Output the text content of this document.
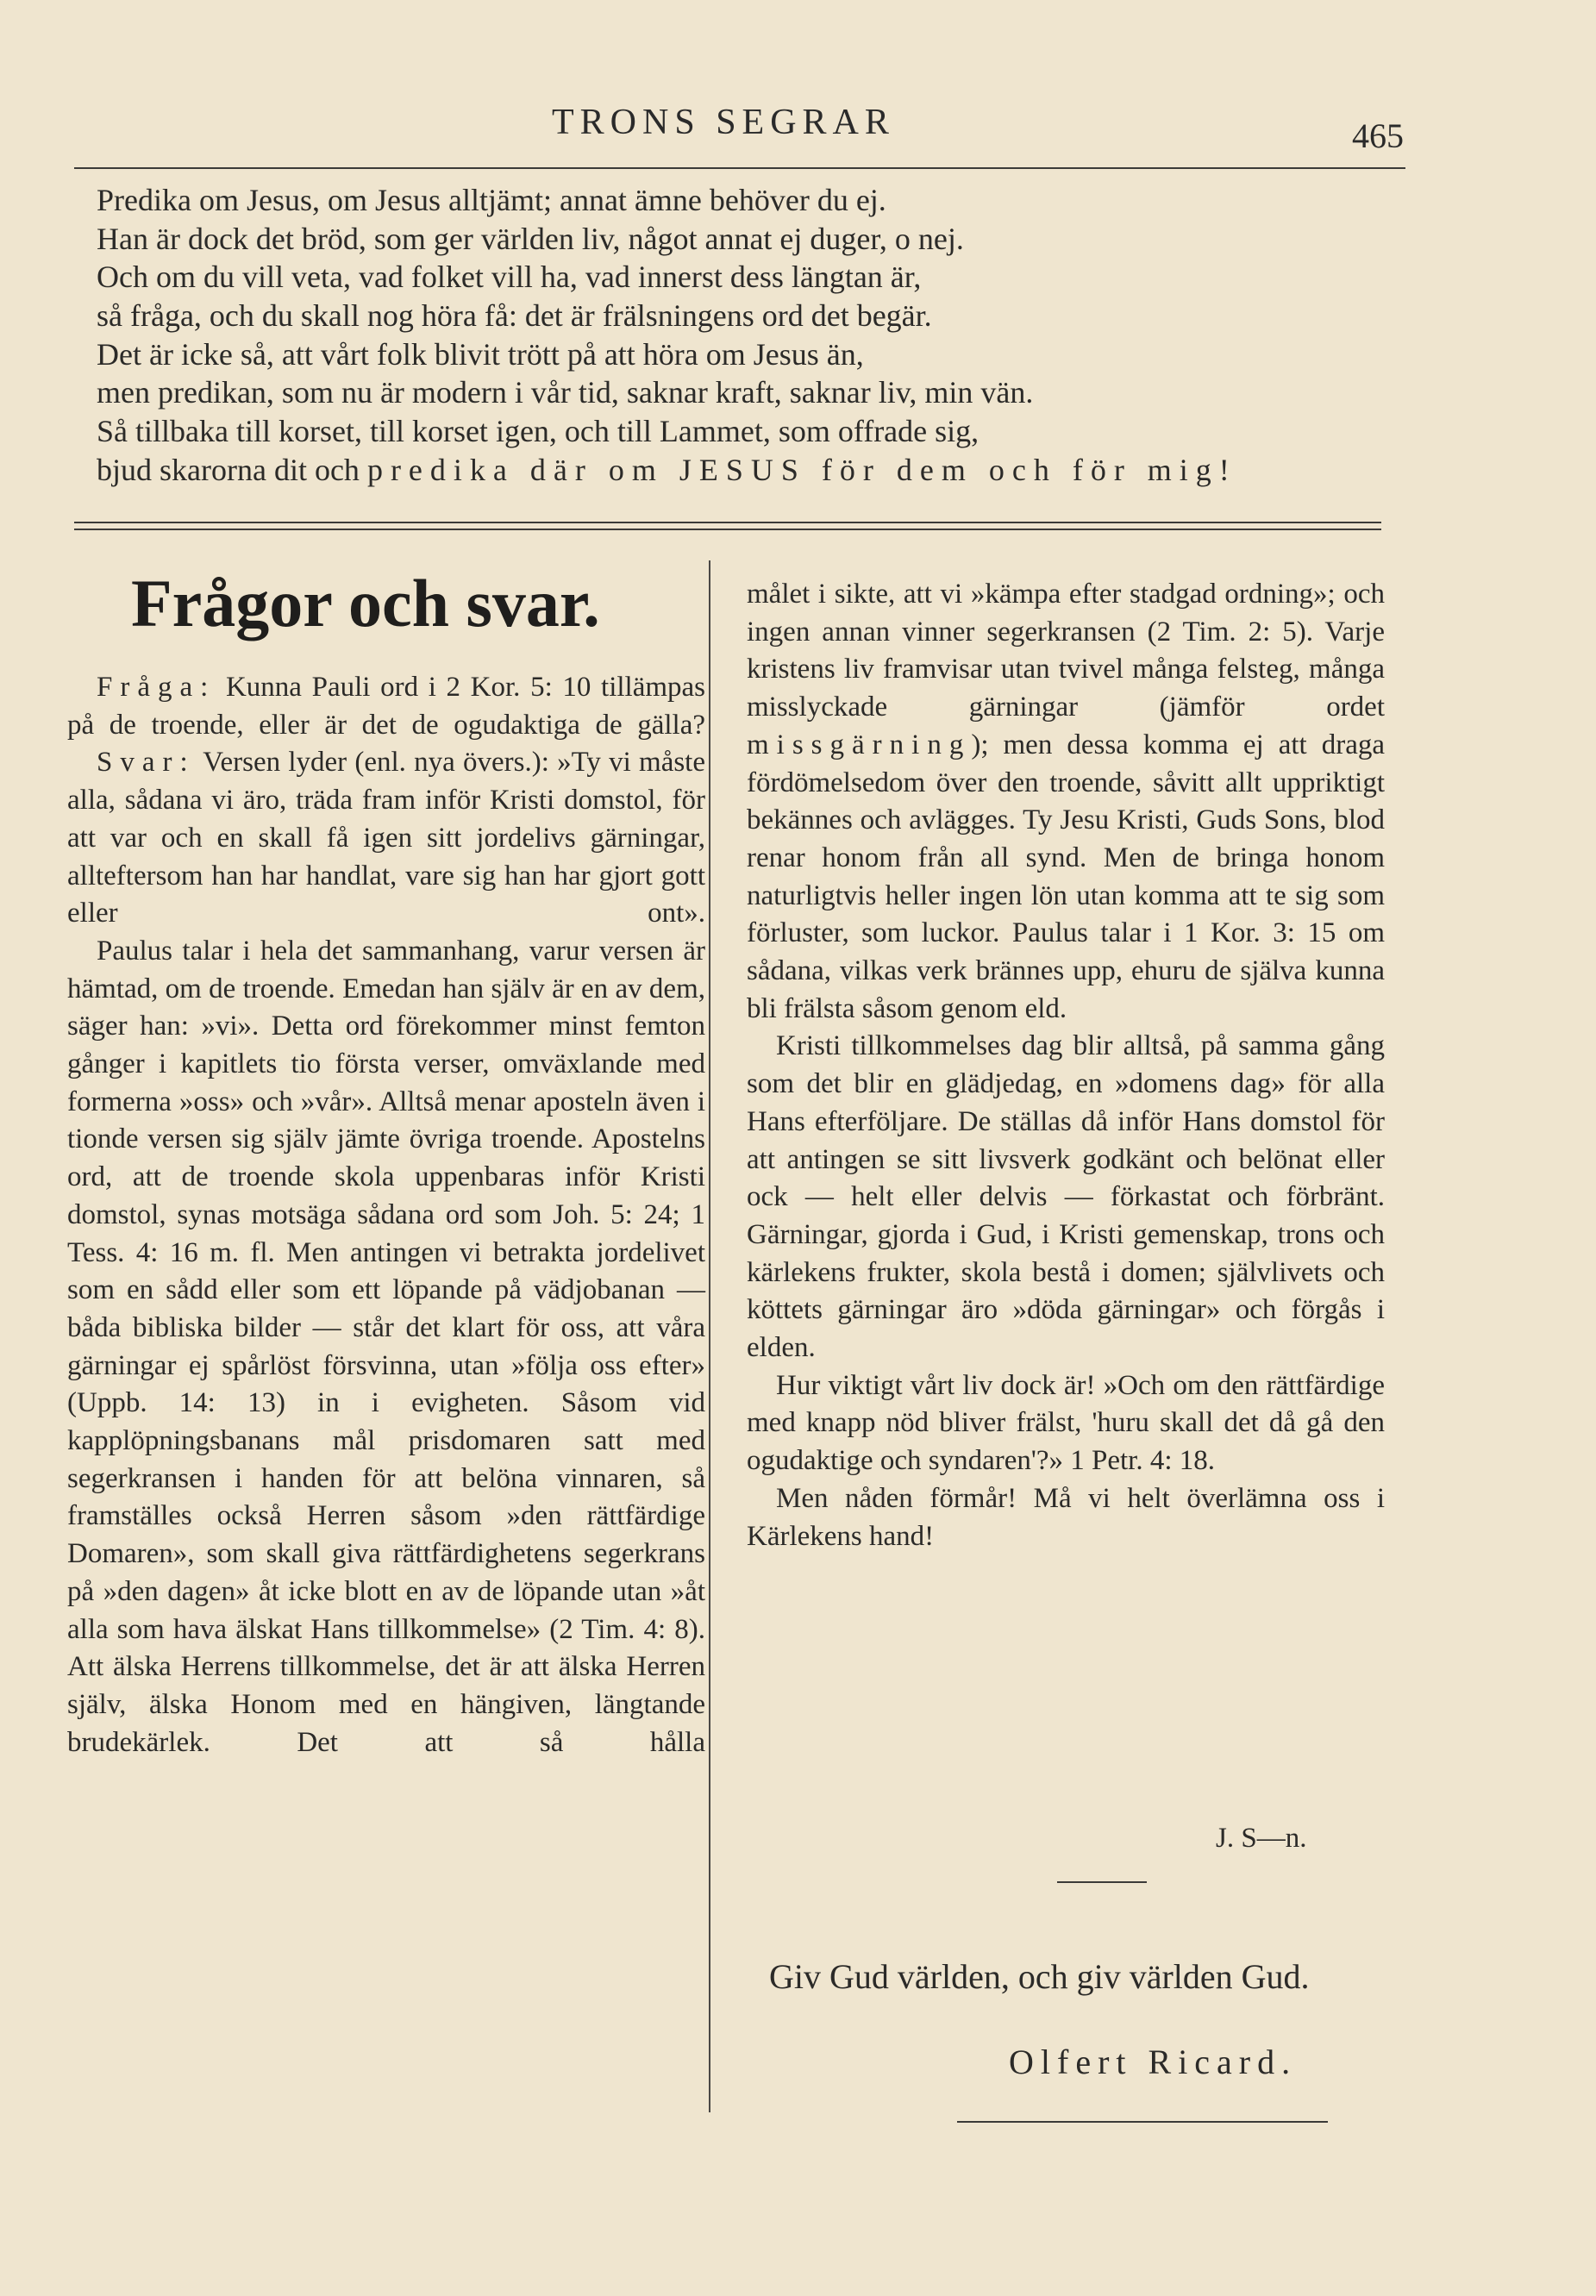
TRONS SEGRAR	465
Predika om Jesus, om Jesus alltjämt; annat ämne behöver du ej.
Han är dock det bröd, som ger världen liv, något annat ej duger, o nej.
Och om du vill veta, vad folket vill ha, vad innerst dess längtan är,
så fråga, och du skall nog höra få: det är frälsningens ord det begär.
Det är icke så, att vårt folk blivit trött på att höra om Jesus än,
men predikan, som nu är modern i vår tid, saknar kraft, saknar liv, min vän.
Så tillbaka till korset, till korset igen, och till Lammet, som offrade sig,
bjud skarorna dit och predika där om JESUS för dem och för mig!
Frågor och svar.

Fråga: Kunna Pauli ord i 2 Kor. 5: 10 tillämpas på de troende, eller är det de ogudaktiga de gälla?

Svar: Versen lyder (enl. nya övers.): »Ty vi måste alla, sådana vi äro, träda fram inför Kristi domstol, för att var och en skall få igen sitt jordelivs gärningar, allteftersom han har handlat, vare sig han har gjort gott eller ont».

Paulus talar i hela det sammanhang, varur versen är hämtad, om de troende. Emedan han själv är en av dem, säger han: »vi». Detta ord förekommer minst femton gånger i kapitlets tio första verser, omväxlande med formerna »oss» och »vår». Alltså menar aposteln även i tionde versen sig själv jämte övriga troende. Apostelns ord, att de troende skola uppenbaras inför Kristi domstol, synas motsäga sådana ord som Joh. 5: 24; 1 Tess. 4: 16 m. fl. Men antingen vi betrakta jordelivet som en sådd eller som ett löpande på vädjobanan — båda bibliska bilder — står det klart för oss, att våra gärningar ej spårlöst försvinna, utan »följa oss efter» (Uppb. 14: 13) in i evigheten. Såsom vid kapplöpningsbanans mål prisdomaren satt med segerkransen i handen för att belöna vinnaren, så framställes också Herren såsom »den rättfärdige Domaren», som skall giva rättfärdighetens segerkrans på »den dagen» åt icke blott en av de löpande utan »åt alla som hava älskat Hans tillkommelse» (2 Tim. 4: 8). Att älska Herrens tillkommelse, det är att älska Herren själv, älska Honom med en hängiven, längtande brudekärlek. Det att så hålla

målet i sikte, att vi »kämpa efter stadgad ordning»; och ingen annan vinner segerkransen (2 Tim. 2: 5). Varje kristens liv framvisar utan tvivel många felsteg, många misslyckade gärningar (jämför ordet missgärning); men dessa komma ej att draga fördömelsedom över den troende, såvitt allt uppriktigt bekännes och avlägges. Ty Jesu Kristi, Guds Sons, blod renar honom från all synd. Men de bringa honom naturligtvis heller ingen lön utan komma att te sig som förluster, som luckor. Paulus talar i 1 Kor. 3: 15 om sådana, vilkas verk brännes upp, ehuru de själva kunna bli frälsta såsom genom eld.

Kristi tillkommelses dag blir alltså, på samma gång som det blir en glädjedag, en »domens dag» för alla Hans efterföljare. De ställas då inför Hans domstol för att antingen se sitt livsverk godkänt och belönat eller ock — helt eller delvis — förkastat och förbränt. Gärningar, gjorda i Gud, i Kristi gemenskap, trons och kärlekens frukter, skola bestå i domen; självlivets och köttets gärningar äro »döda gärningar» och förgås i elden.

Hur viktigt vårt liv dock är! »Och om den rättfärdige med knapp nöd bliver frälst, 'huru skall det då gå den ogudaktige och syndaren'?» 1 Petr. 4: 18.

Men nåden förmår! Må vi helt överlämna oss i Kärlekens hand!

J. S—n.
Giv Gud världen, och giv världen Gud.
Olfert Ricard.
